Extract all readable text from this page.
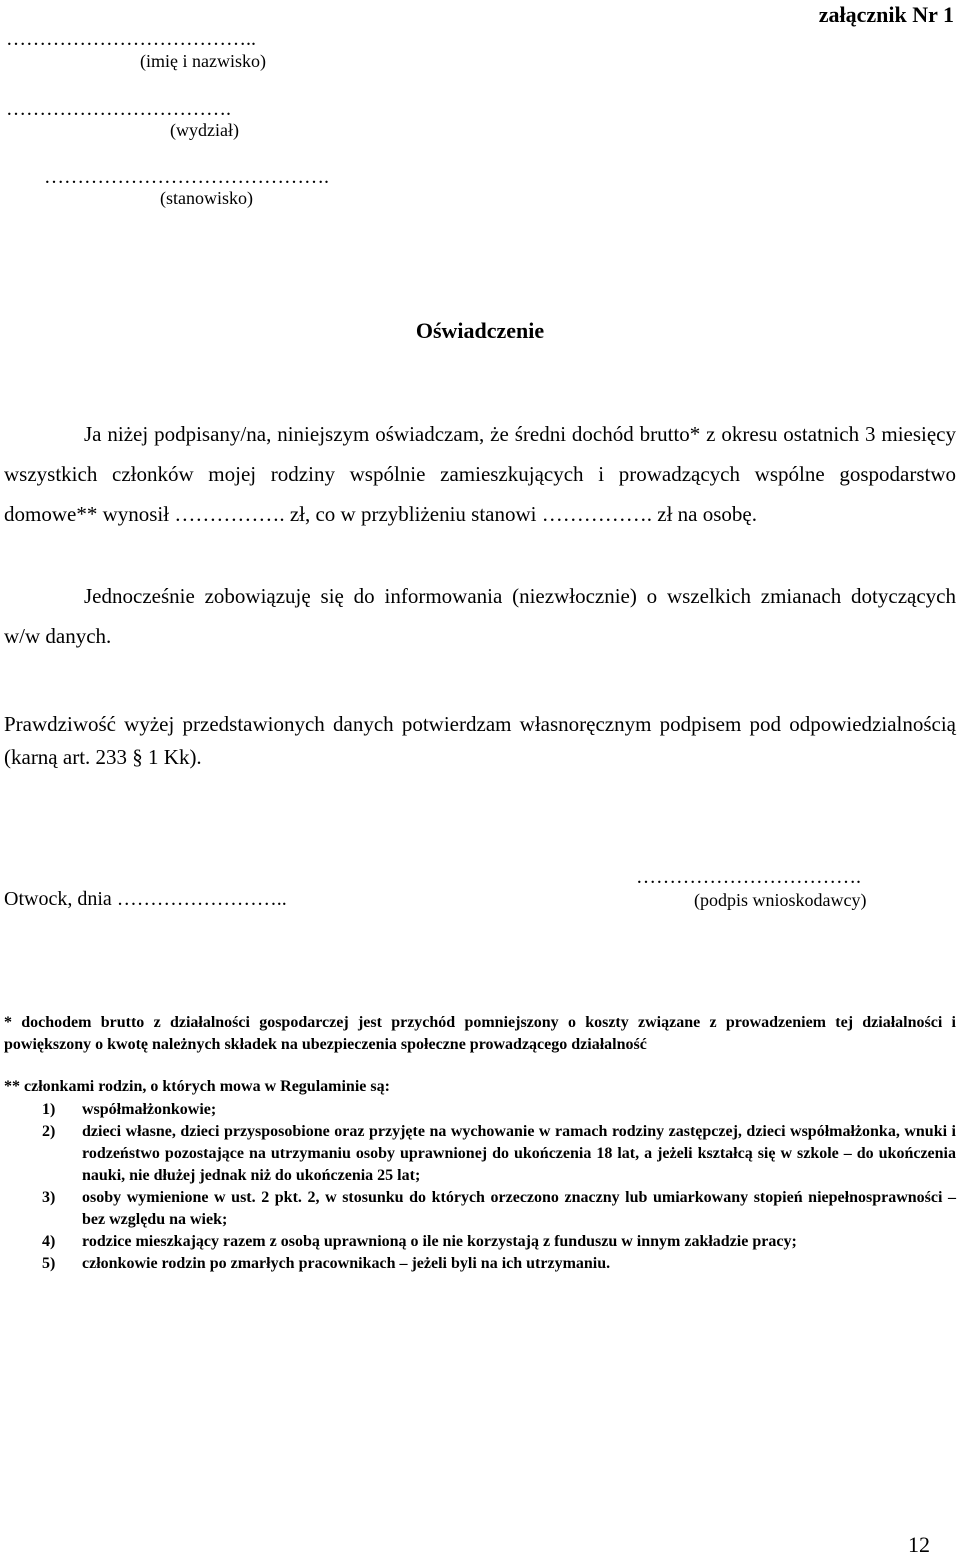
załącznik Nr 1
………………………………..
(imię i nazwisko)
…………………………….
(wydział)
…………………………………….
(stanowisko)
Oświadczenie
Ja niżej podpisany/na, niniejszym oświadczam, że średni dochód brutto* z okresu ostatnich 3 miesięcy wszystkich członków mojej rodziny wspólnie zamieszkujących i prowadzących wspólne gospodarstwo domowe** wynosił ……………. zł, co w przybliżeniu stanowi ……………. zł na osobę.
Jednocześnie zobowiązuję się do informowania (niezwłocznie) o wszelkich zmianach dotyczących w/w danych.
Prawdziwość wyżej przedstawionych danych potwierdzam własnoręcznym podpisem pod odpowiedzialnością (karną art. 233 § 1 Kk).
Otwock, dnia ……………………..
…………………………….
(podpis wnioskodawcy)
* dochodem brutto z działalności gospodarczej jest przychód pomniejszony o koszty związane z prowadzeniem tej działalności i powiększony o kwotę należnych składek na ubezpieczenia społeczne prowadzącego działalność
** członkami rodzin, o których mowa w Regulaminie są:
1)	współmałżonkowie;
2)	dzieci własne, dzieci przysposobione oraz przyjęte na wychowanie w ramach rodziny zastępczej, dzieci współmałżonka, wnuki i rodzeństwo pozostające na utrzymaniu osoby uprawnionej do ukończenia 18 lat, a jeżeli kształcą się w szkole – do ukończenia nauki, nie dłużej jednak niż do ukończenia 25 lat;
3)	osoby wymienione w ust. 2 pkt. 2, w stosunku do których orzeczono znaczny lub umiarkowany stopień niepełnosprawności – bez względu na wiek;
4)	rodzice mieszkający razem z osobą uprawnioną o ile nie korzystają z funduszu w innym zakładzie pracy;
5)	członkowie rodzin po zmarłych pracownikach – jeżeli byli na ich utrzymaniu.
12
